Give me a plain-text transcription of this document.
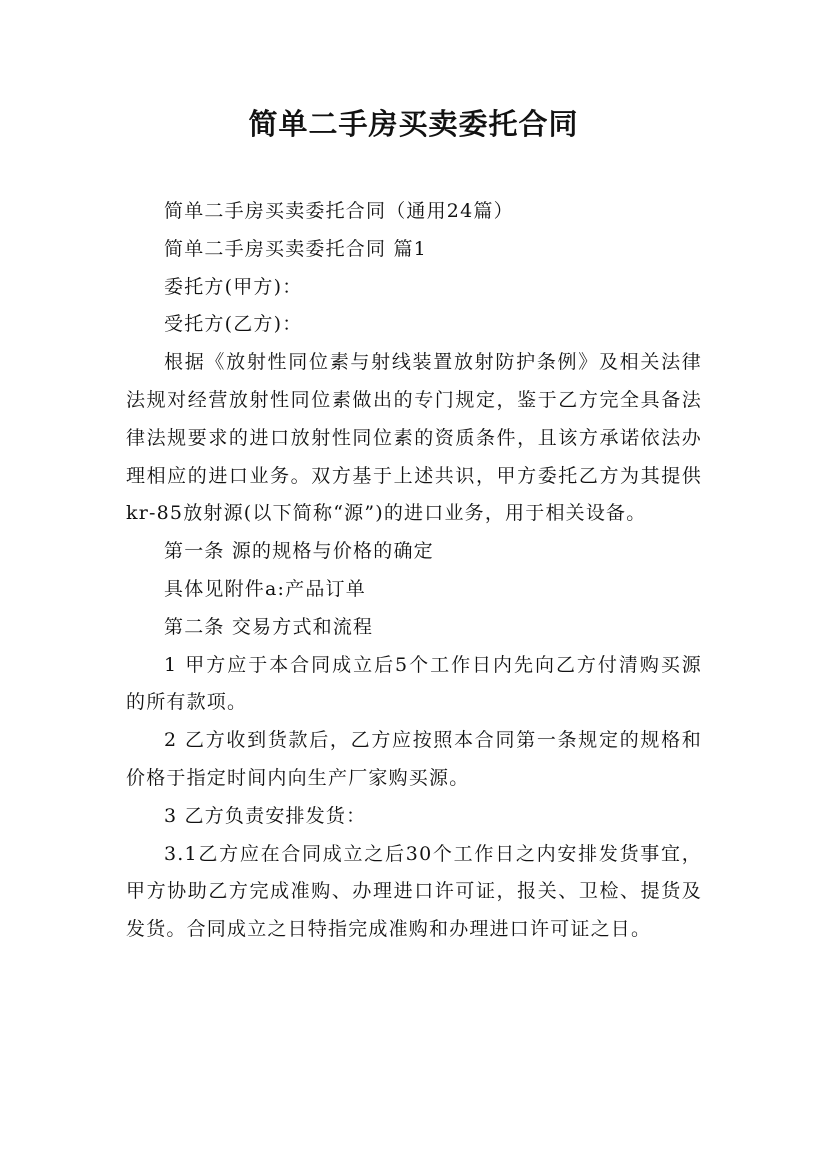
简单二手房买卖委托合同

简单二手房买卖委托合同（通用24篇）

简单二手房买卖委托合同 篇1

委托方(甲方)：

受托方(乙方)：

根据《放射性同位素与射线装置放射防护条例》及相关法律法规对经营放射性同位素做出的专门规定，鉴于乙方完全具备法律法规要求的进口放射性同位素的资质条件，且该方承诺依法办理相应的进口业务。双方基于上述共识，甲方委托乙方为其提供kr-85放射源(以下简称“源”)的进口业务，用于相关设备。

第一条 源的规格与价格的确定

具体见附件a:产品订单

第二条 交易方式和流程

1 甲方应于本合同成立后5个工作日内先向乙方付清购买源的所有款项。

2 乙方收到货款后，乙方应按照本合同第一条规定的规格和价格于指定时间内向生产厂家购买源。

3 乙方负责安排发货：

3.1乙方应在合同成立之后30个工作日之内安排发货事宜，甲方协助乙方完成准购、办理进口许可证，报关、卫检、提货及发货。合同成立之日特指完成准购和办理进口许可证之日。
